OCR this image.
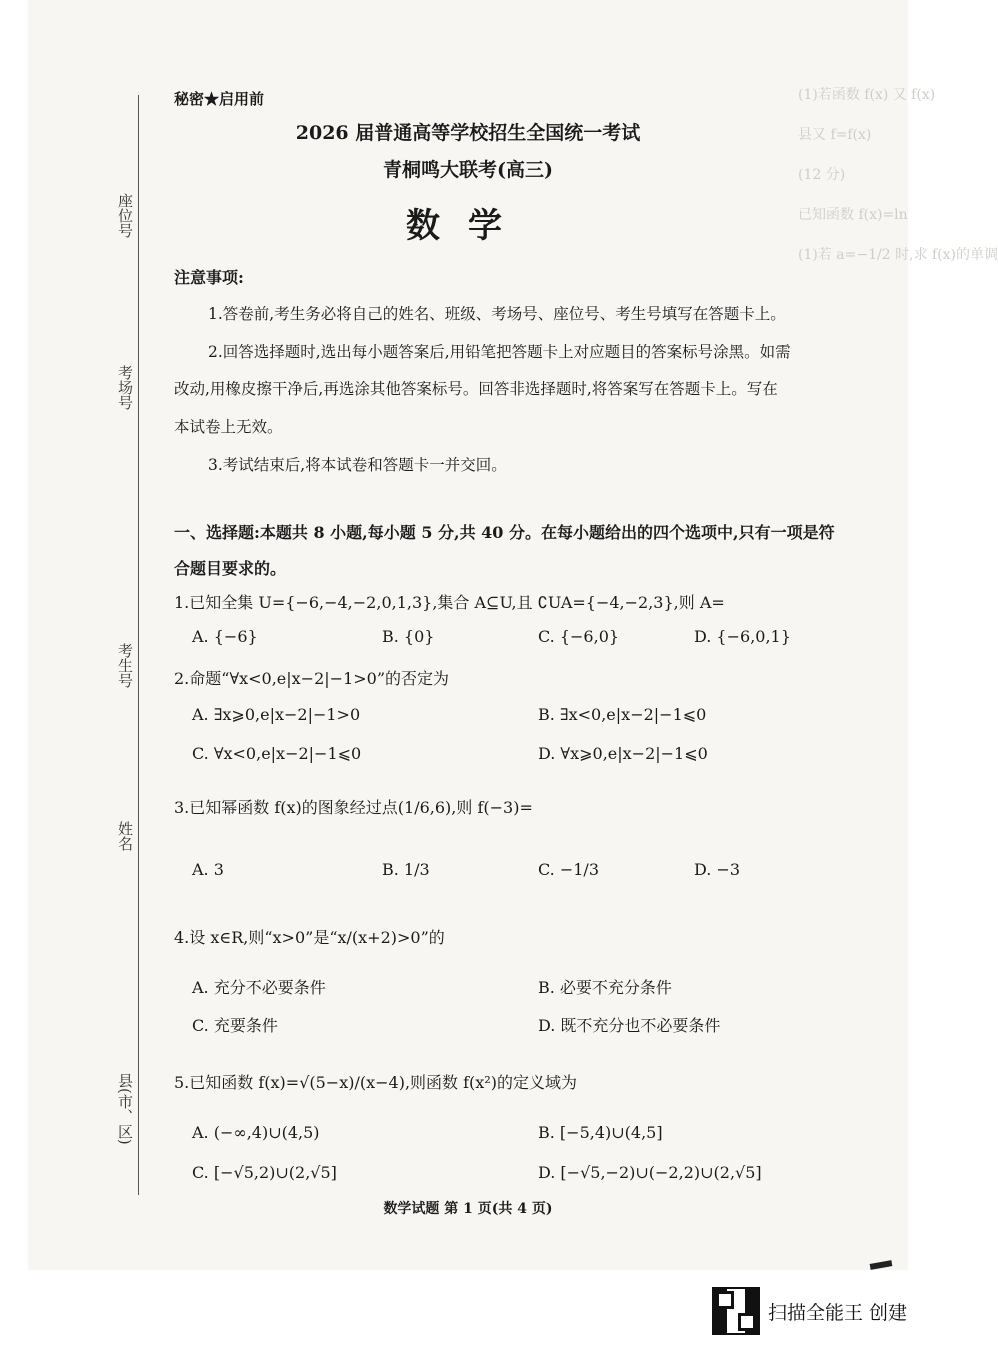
(1)若函数 f(x) 又 f(x)
县又 f=f(x)
(12 分)
已知函数 f(x)=ln
(1)若 a=−1/2 时,求 f(x)的单调
座位号
考场号
考生号
姓名
县(市、区)
秘密★启用前
2026 届普通高等学校招生全国统一考试
青桐鸣大联考(高三)
数学
注意事项:
1.答卷前,考生务必将自己的姓名、班级、考场号、座位号、考生号填写在答题卡上。
2.回答选择题时,选出每小题答案后,用铅笔把答题卡上对应题目的答案标号涂黑。如需
改动,用橡皮擦干净后,再选涂其他答案标号。回答非选择题时,将答案写在答题卡上。写在
本试卷上无效。
3.考试结束后,将本试卷和答题卡一并交回。
一、选择题:本题共 8 小题,每小题 5 分,共 40 分。在每小题给出的四个选项中,只有一项是符
合题目要求的。
1.已知全集 U={−6,−4,−2,0,1,3},集合 A⊆U,且 ∁UA={−4,−2,3},则 A=
A. {−6}	B. {0}	C. {−6,0}	D. {−6,0,1}
2.命题“∀x<0,e|x−2|−1>0”的否定为
A. ∃x⩾0,e|x−2|−1>0	B. ∃x<0,e|x−2|−1⩽0
C. ∀x<0,e|x−2|−1⩽0	D. ∀x⩾0,e|x−2|−1⩽0
3.已知幂函数 f(x)的图象经过点(1/6,6),则 f(−3)=
A. 3	B. 1/3	C. −1/3	D. −3
4.设 x∈R,则“x>0”是“x/(x+2)>0”的
A. 充分不必要条件	B. 必要不充分条件
C. 充要条件	D. 既不充分也不必要条件
5.已知函数 f(x)=√(5−x)/(x−4),则函数 f(x²)的定义域为
A. (−∞,4)∪(4,5)	B. [−5,4)∪(4,5]
C. [−√5,2)∪(2,√5]	D. [−√5,−2)∪(−2,2)∪(2,√5]
数学试题 第 1 页(共 4 页)
扫描全能王 创建
